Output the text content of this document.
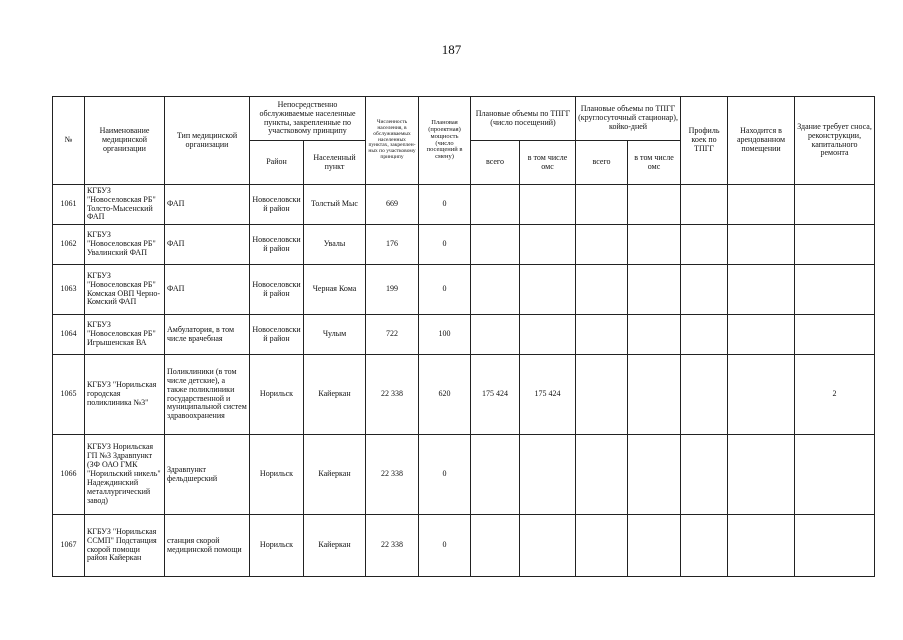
187
№	Наименование медицинской организации	Тип медицинской организации	Непосредственно обслуживаемые населенные пункты, закрепленные по участковому принципу		Численность населения, в обслуживаемых населенных пунктах, закрепленных по участковому принципу	Плановая (проектная) мощность (число посещений в смену)	Плановые объемы по ТПГГ (число посещений)		Плановые объемы по ТПГГ (круглосуточный стационар), койко-дней		Профиль коек по ТПГГ	Находится в арендованном помещении	Здание требует сноса, реконструкции, капитального ремонта
			Район	Населенный пункт			всего	в том числе омс	всего	в том числе омс			
1061	КГБУЗ "Новоселовская РБ" Толсто-Мысенский ФАП	ФАП	Новоселовский район	Толстый Мыс	669	0							
1062	КГБУЗ "Новоселовская РБ" Увалинский ФАП	ФАП	Новоселовский район	Увалы	176	0							
1063	КГБУЗ "Новоселовская РБ" Комская ОВП Черно-Комский ФАП	ФАП	Новоселовский район	Черная Кома	199	0							
1064	КГБУЗ "Новоселовская РБ" Игрышенская ВА	Амбулатория, в том числе врачебная	Новоселовский район	Чулым	722	100							
1065	КГБУЗ "Норильская городская поликлиника №3"	Поликлиники (в том числе детские), а также поликлиники государственной и муниципальной систем здравоохранения	Норильск	Кайеркан	22 338	620	175 424	175 424					2
1066	КГБУЗ Норильская ГП №3 Здравпункт (ЗФ ОАО ГМК "Норильский никель" Надеждинский металлургический завод)	Здравпункт фельдшерский	Норильск	Кайеркан	22 338	0							
1067	КГБУЗ "Норильская ССМП" Подстанция скорой помощи район Кайеркан	станция скорой медицинской помощи	Норильск	Кайеркан	22 338	0							
